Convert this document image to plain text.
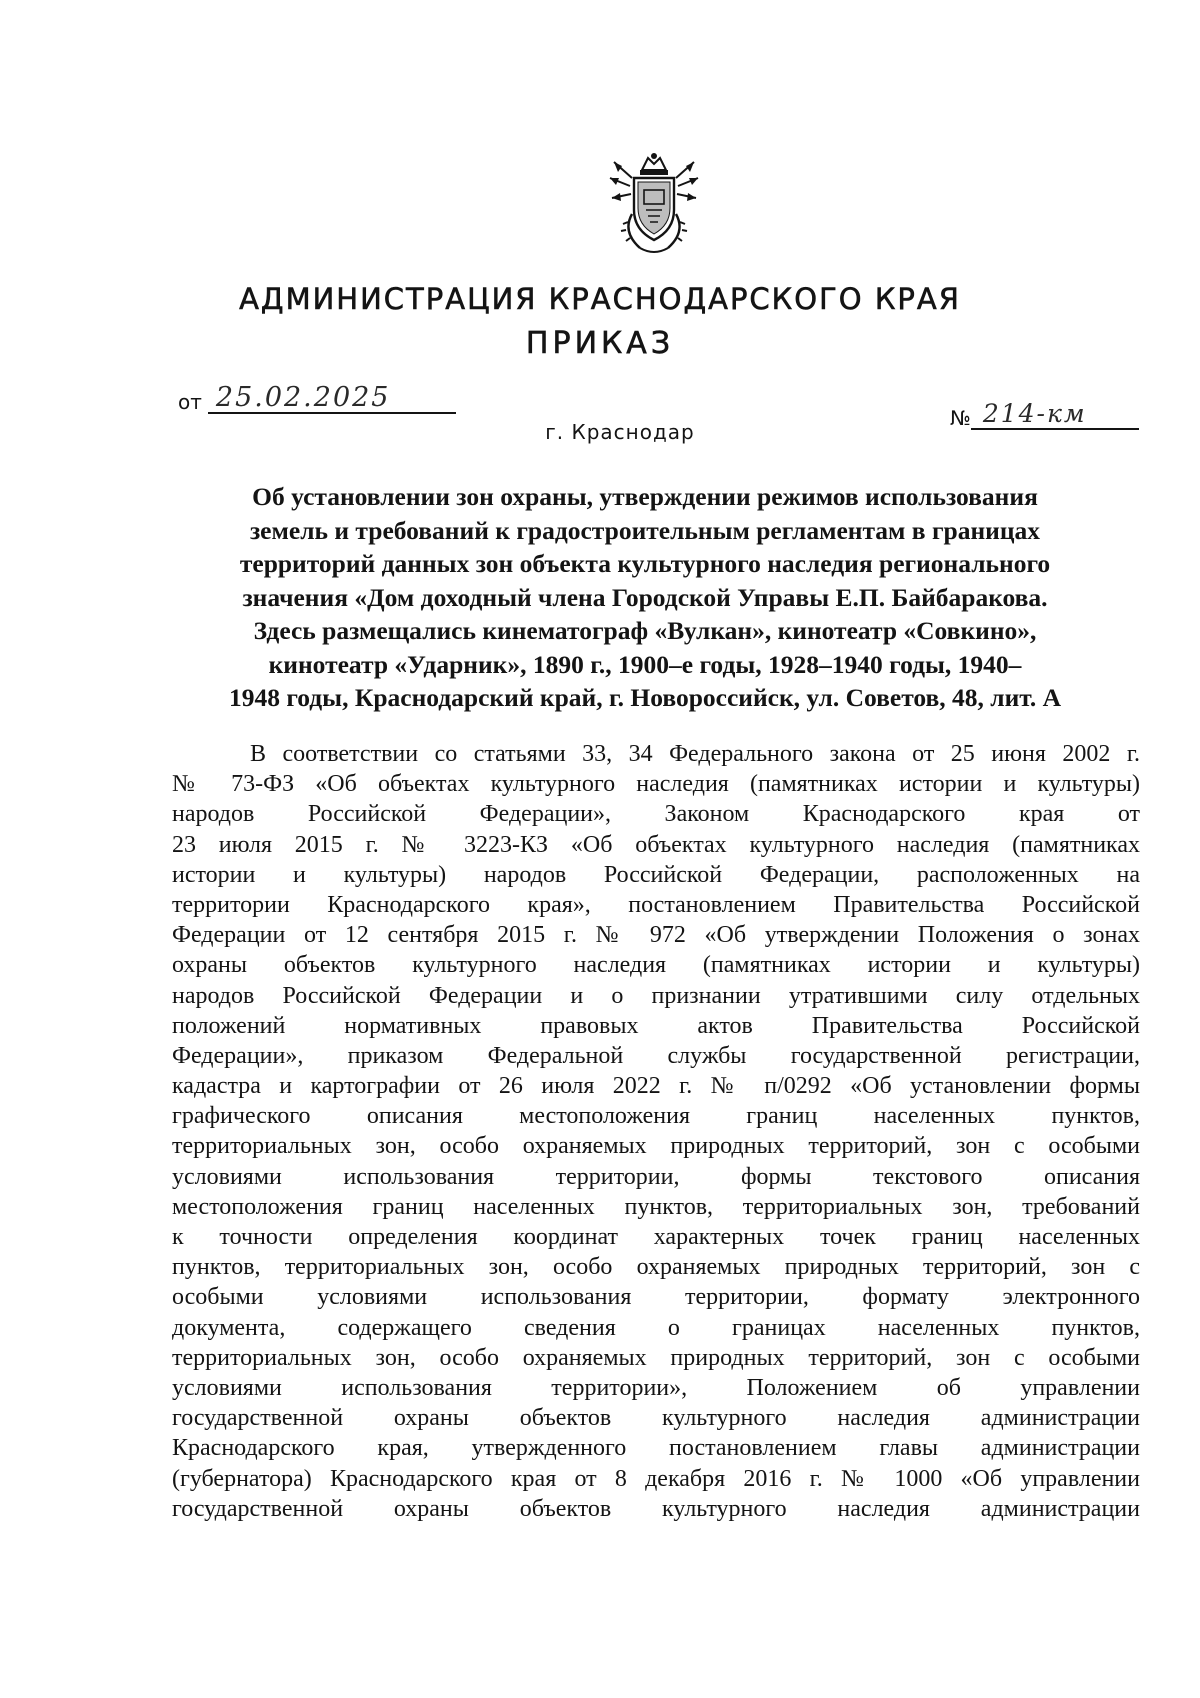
АДМИНИСТРАЦИЯ КРАСНОДАРСКОГО КРАЯ
ПРИКАЗ
от 25.02.2025
г. Краснодар
№ 214-км
Об установлении зон охраны, утверждении режимов использования
земель и требований к градостроительным регламентам в границах
территорий данных зон объекта культурного наследия регионального
значения «Дом доходный члена Городской Управы Е.П. Байбаракова.
Здесь размещались кинематограф «Вулкан», кинотеатр «Совкино»,
кинотеатр «Ударник», 1890 г., 1900–е годы, 1928–1940 годы, 1940–
1948 годы, Краснодарский край, г. Новороссийск, ул. Советов, 48, лит. А
В соответствии со статьями 33, 34 Федерального закона от 25 июня 2002 г.
№ 73-ФЗ «Об объектах культурного наследия (памятниках истории и культуры)
народов Российской Федерации», Законом Краснодарского края от
23 июля 2015 г. № 3223-КЗ «Об объектах культурного наследия (памятниках
истории и культуры) народов Российской Федерации, расположенных на
территории Краснодарского края», постановлением Правительства Российской
Федерации от 12 сентября 2015 г. № 972 «Об утверждении Положения о зонах
охраны объектов культурного наследия (памятниках истории и культуры)
народов Российской Федерации и о признании утратившими силу отдельных
положений нормативных правовых актов Правительства Российской
Федерации», приказом Федеральной службы государственной регистрации,
кадастра и картографии от 26 июля 2022 г. № п/0292 «Об установлении формы
графического описания местоположения границ населенных пунктов,
территориальных зон, особо охраняемых природных территорий, зон с особыми
условиями использования территории, формы текстового описания
местоположения границ населенных пунктов, территориальных зон, требований
к точности определения координат характерных точек границ населенных
пунктов, территориальных зон, особо охраняемых природных территорий, зон с
особыми условиями использования территории, формату электронного
документа, содержащего сведения о границах населенных пунктов,
территориальных зон, особо охраняемых природных территорий, зон с особыми
условиями использования территории», Положением об управлении
государственной охраны объектов культурного наследия администрации
Краснодарского края, утвержденного постановлением главы администрации
(губернатора) Краснодарского края от 8 декабря 2016 г. № 1000 «Об управлении
государственной охраны объектов культурного наследия администрации
